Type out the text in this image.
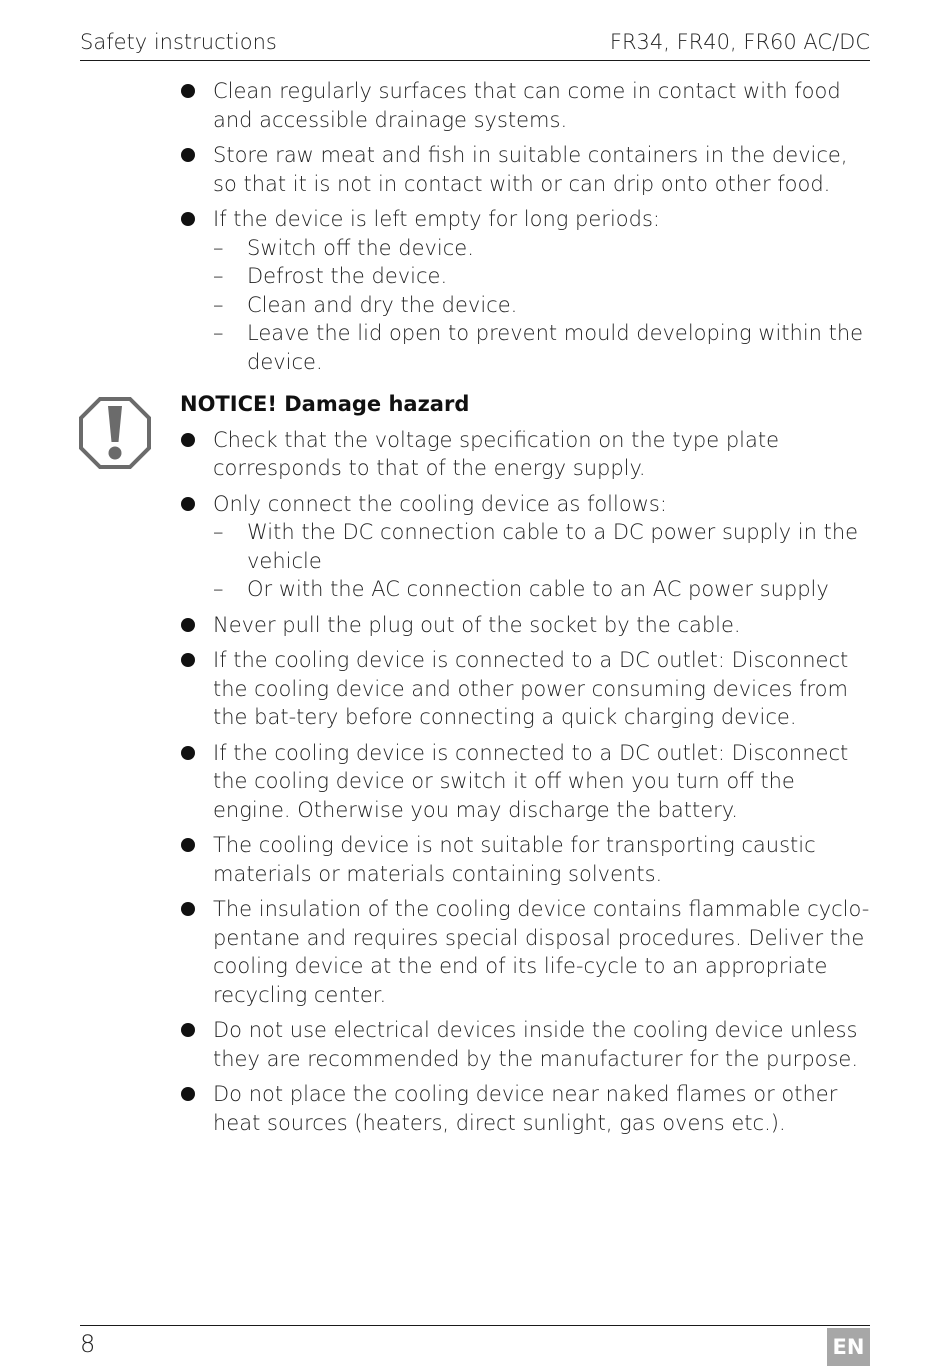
Safety instructions	FR34, FR40, FR60 AC/DC
Clean regularly surfaces that can come in contact with food and accessible drainage systems.
Store raw meat and fish in suitable containers in the device, so that it is not in contact with or can drip onto other food.
If the device is left empty for long periods:
– Switch off the device.
– Defrost the device.
– Clean and dry the device.
– Leave the lid open to prevent mould developing within the device.
NOTICE! Damage hazard
Check that the voltage specification on the type plate corresponds to that of the energy supply.
Only connect the cooling device as follows:
– With the DC connection cable to a DC power supply in the vehicle
– Or with the AC connection cable to an AC power supply
Never pull the plug out of the socket by the cable.
If the cooling device is connected to a DC outlet: Disconnect the cooling device and other power consuming devices from the bat-tery before connecting a quick charging device.
If the cooling device is connected to a DC outlet: Disconnect the cooling device or switch it off when you turn off the engine. Otherwise you may discharge the battery.
The cooling device is not suitable for transporting caustic materials or materials containing solvents.
The insulation of the cooling device contains flammable cyclo-pentane and requires special disposal procedures. Deliver the cooling device at the end of its life-cycle to an appropriate recycling center.
Do not use electrical devices inside the cooling device unless they are recommended by the manufacturer for the purpose.
Do not place the cooling device near naked flames or other heat sources (heaters, direct sunlight, gas ovens etc.).
8	EN
